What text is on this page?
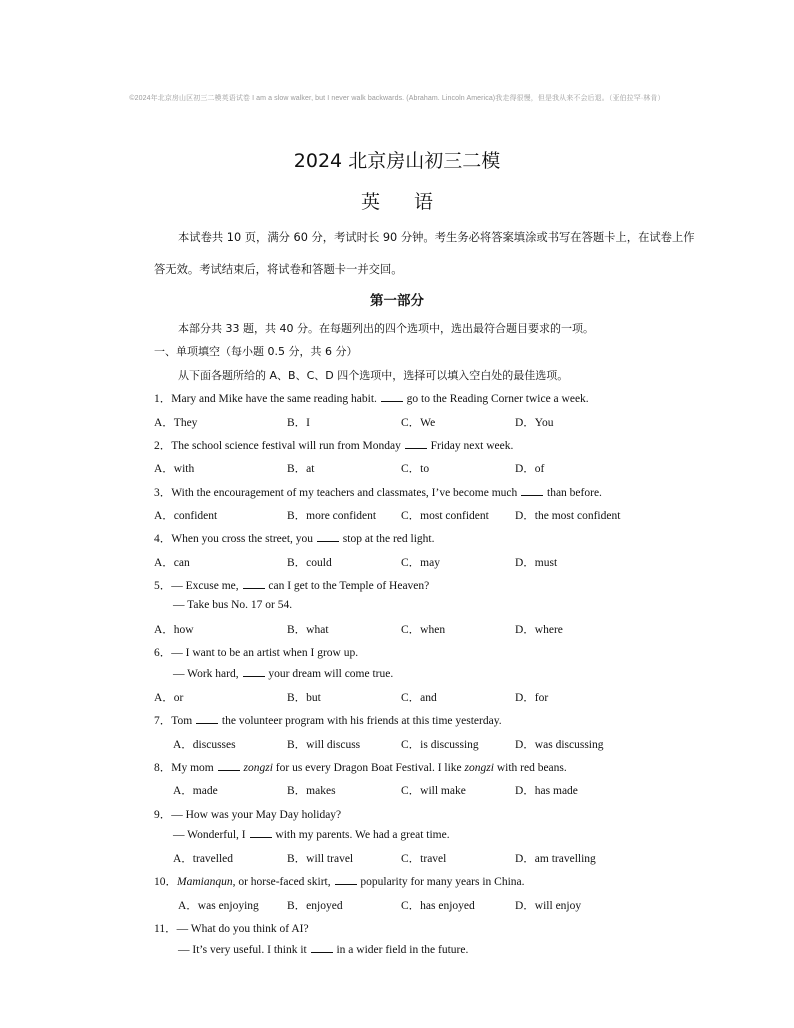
©2024年北京房山区初三二模英语试卷 I am a slow walker, but I never walk backwards. (Abraham. Lincoln America)我走得很慢，但是我从来不会后退。（亚伯拉罕·林肯）
2024 北京房山初三二模
英语
本试卷共 10 页，满分 60 分，考试时长 90 分钟。考生务必将答案填涂或书写在答题卡上，在试卷上作
答无效。考试结束后，将试卷和答题卡一并交回。
第一部分
本部分共 33 题，共 40 分。在每题列出的四个选项中，选出最符合题目要求的一项。
一、单项填空（每小题 0.5 分，共 6 分）
从下面各题所给的 A、B、C、D 四个选项中，选择可以填入空白处的最佳选项。
1．Mary and Mike have the same reading habit.  go to the Reading Corner twice a week.
A．They	B．I	C．We	D．You
2．The school science festival will run from Monday  Friday next week.
A．with	B．at	C．to	D．of
3．With the encouragement of my teachers and classmates, I’ve become much  than before.
A．confident	B．more confident C．most confident D．the most confident
4．When you cross the street, you  stop at the red light.
A．can	B．could	C．may	D．must
5．— Excuse me,  can I get to the Temple of Heaven?
— Take bus No. 17 or 54.
A．how	B．what	C．when	D．where
6．— I want to be an artist when I grow up.
— Work hard,  your dream will come true.
A．or	B．but	C．and	D．for
7．Tom  the volunteer program with his friends at this time yesterday.
A．discusses	B．will discuss	C．is discussing	D．was discussing
8．My mom  zongzi for us every Dragon Boat Festival. I like zongzi with red beans.
A．made	B．makes	C．will make	D．has made
9．— How was your May Day holiday?
— Wonderful, I  with my parents. We had a great time.
A．travelled	B．will travel	C．travel	D．am travelling
10．Mamianqun, or horse-faced skirt,  popularity for many years in China.
A．was enjoying B．enjoyed	C．has enjoyed	D．will enjoy
11．— What do you think of AI?
— It’s very useful. I think it  in a wider field in the future.
